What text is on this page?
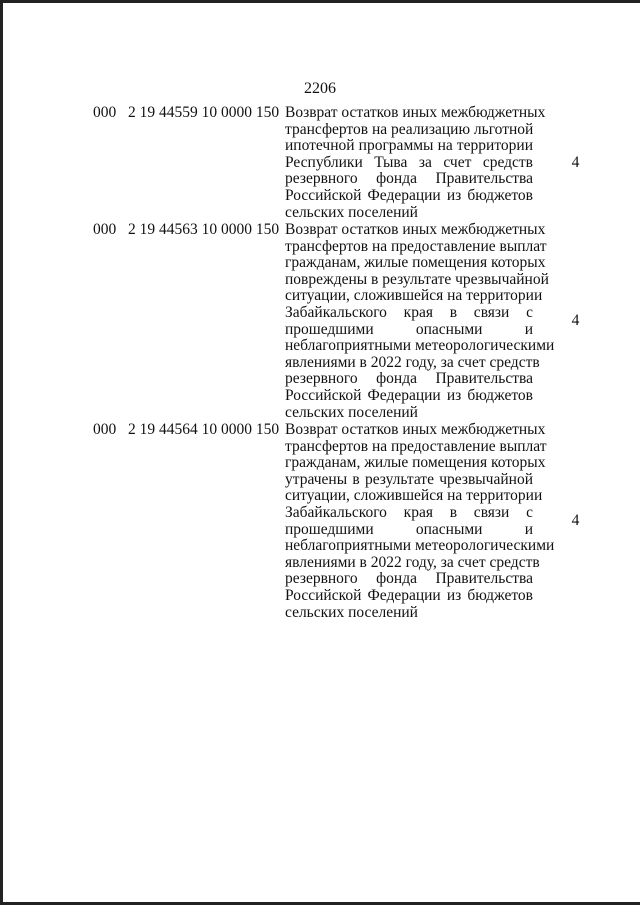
2206
000 2 19 44559 10 0000 150 Возврат остатков иных межбюджетных
трансфертов на реализацию льготной
ипотечной программы на территории
Республики Тыва за счет средств
резервного фонда Правительства
Российской Федерации из бюджетов
сельских поселений
4
000 2 19 44563 10 0000 150 Возврат остатков иных межбюджетных
трансфертов на предоставление выплат
гражданам, жилые помещения которых
повреждены в результате чрезвычайной
ситуации, сложившейся на территории
Забайкальского края в связи с
прошедшими опасными и
неблагоприятными метеорологическими
явлениями в 2022 году, за счет средств
резервного фонда Правительства
Российской Федерации из бюджетов
сельских поселений
4
000 2 19 44564 10 0000 150 Возврат остатков иных межбюджетных
трансфертов на предоставление выплат
гражданам, жилые помещения которых
утрачены в результате чрезвычайной
ситуации, сложившейся на территории
Забайкальского края в связи с
прошедшими опасными и
неблагоприятными метеорологическими
явлениями в 2022 году, за счет средств
резервного фонда Правительства
Российской Федерации из бюджетов
сельских поселений
4
